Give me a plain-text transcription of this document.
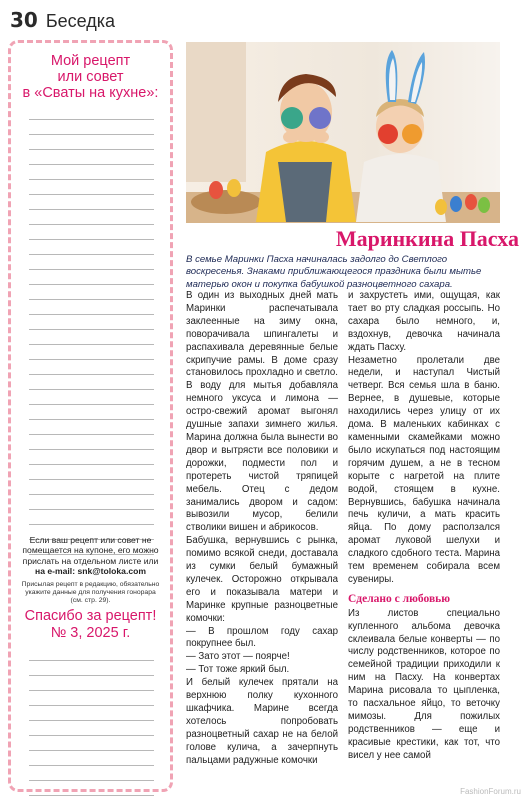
30 Беседка
Мой рецепт
или совет
в «Сваты на кухне»:
Если ваш рецепт или совет не помещается на купоне, его можно прислать на отдельном листе или
на e-mail: snk@toloka.com
Присылая рецепт в редакцию, обязательно укажите данные для получения гонорара (см. стр. 29).
Спасибо за рецепт!
№ 3, 2025 г.
Маринкина Пасха
В семье Маринки Пасха начиналась задолго до Светлого воскресенья. Знаками приближающегося праздника были мытье матерью окон и покупка бабушкой разноцветного сахара.

В один из выходных дней мать Маринки распечатывала заклеенные на зиму окна, поворачивала шпингалеты и распахивала деревянные белые скрипучие рамы. В доме сразу становилось прохладно и светло. В воду для мытья добавляла немного уксуса и лимона — остро-свежий аромат выгонял душные запахи зимнего жилья. Марина должна была вынести во двор и вытрясти все половики и дорожки, подмести пол и протереть чистой тряпицей мебель. Отец с дедом занимались двором и садом: вывозили мусор, белили стволики вишен и абрикосов.

Бабушка, вернувшись с рынка, помимо всякой снеди, доставала из сумки белый бумажный кулечек. Осторожно открывала его и показывала матери и Маринке крупные разноцветные комочки:

— В прошлом году сахар покрупнее был.

— Зато этот — поярче!

— Тот тоже яркий был.

И белый кулечек прятали на верхнюю полку кухонного шкафчика. Марине всегда хотелось попробовать разноцветный сахар не на белой голове кулича, а зачерпнуть пальцами радужные комочки

и захрустеть ими, ощущая, как тает во рту сладкая россыпь. Но сахара было немного, и, вздохнув, девочка начинала ждать Пасху.

Незаметно пролетали две недели, и наступал Чистый четверг. Вся семья шла в баню. Вернее, в душевые, которые находились через улицу от их дома. В маленьких кабинках с каменными скамейками можно было искупаться под настоящим горячим душем, а не в тесном корыте с нагретой на плите водой, стоящем в кухне. Вернувшись, бабушка начинала печь куличи, а мать красить яйца. По дому расползался аромат луковой шелухи и сладкого сдобного теста. Марина тем временем собирала всем сувениры.

Сделано с любовью

Из листов специально купленного альбома девочка склеивала белые конверты — по числу родственников, которое по семейной традиции приходили к ним на Пасху. На конвертах Марина рисовала то цыпленка, то пасхальное яйцо, то веточку мимозы. Для пожилых родственников — еще и красивые крестики, как тот, что висел у нее самой

FashionForum.ru
